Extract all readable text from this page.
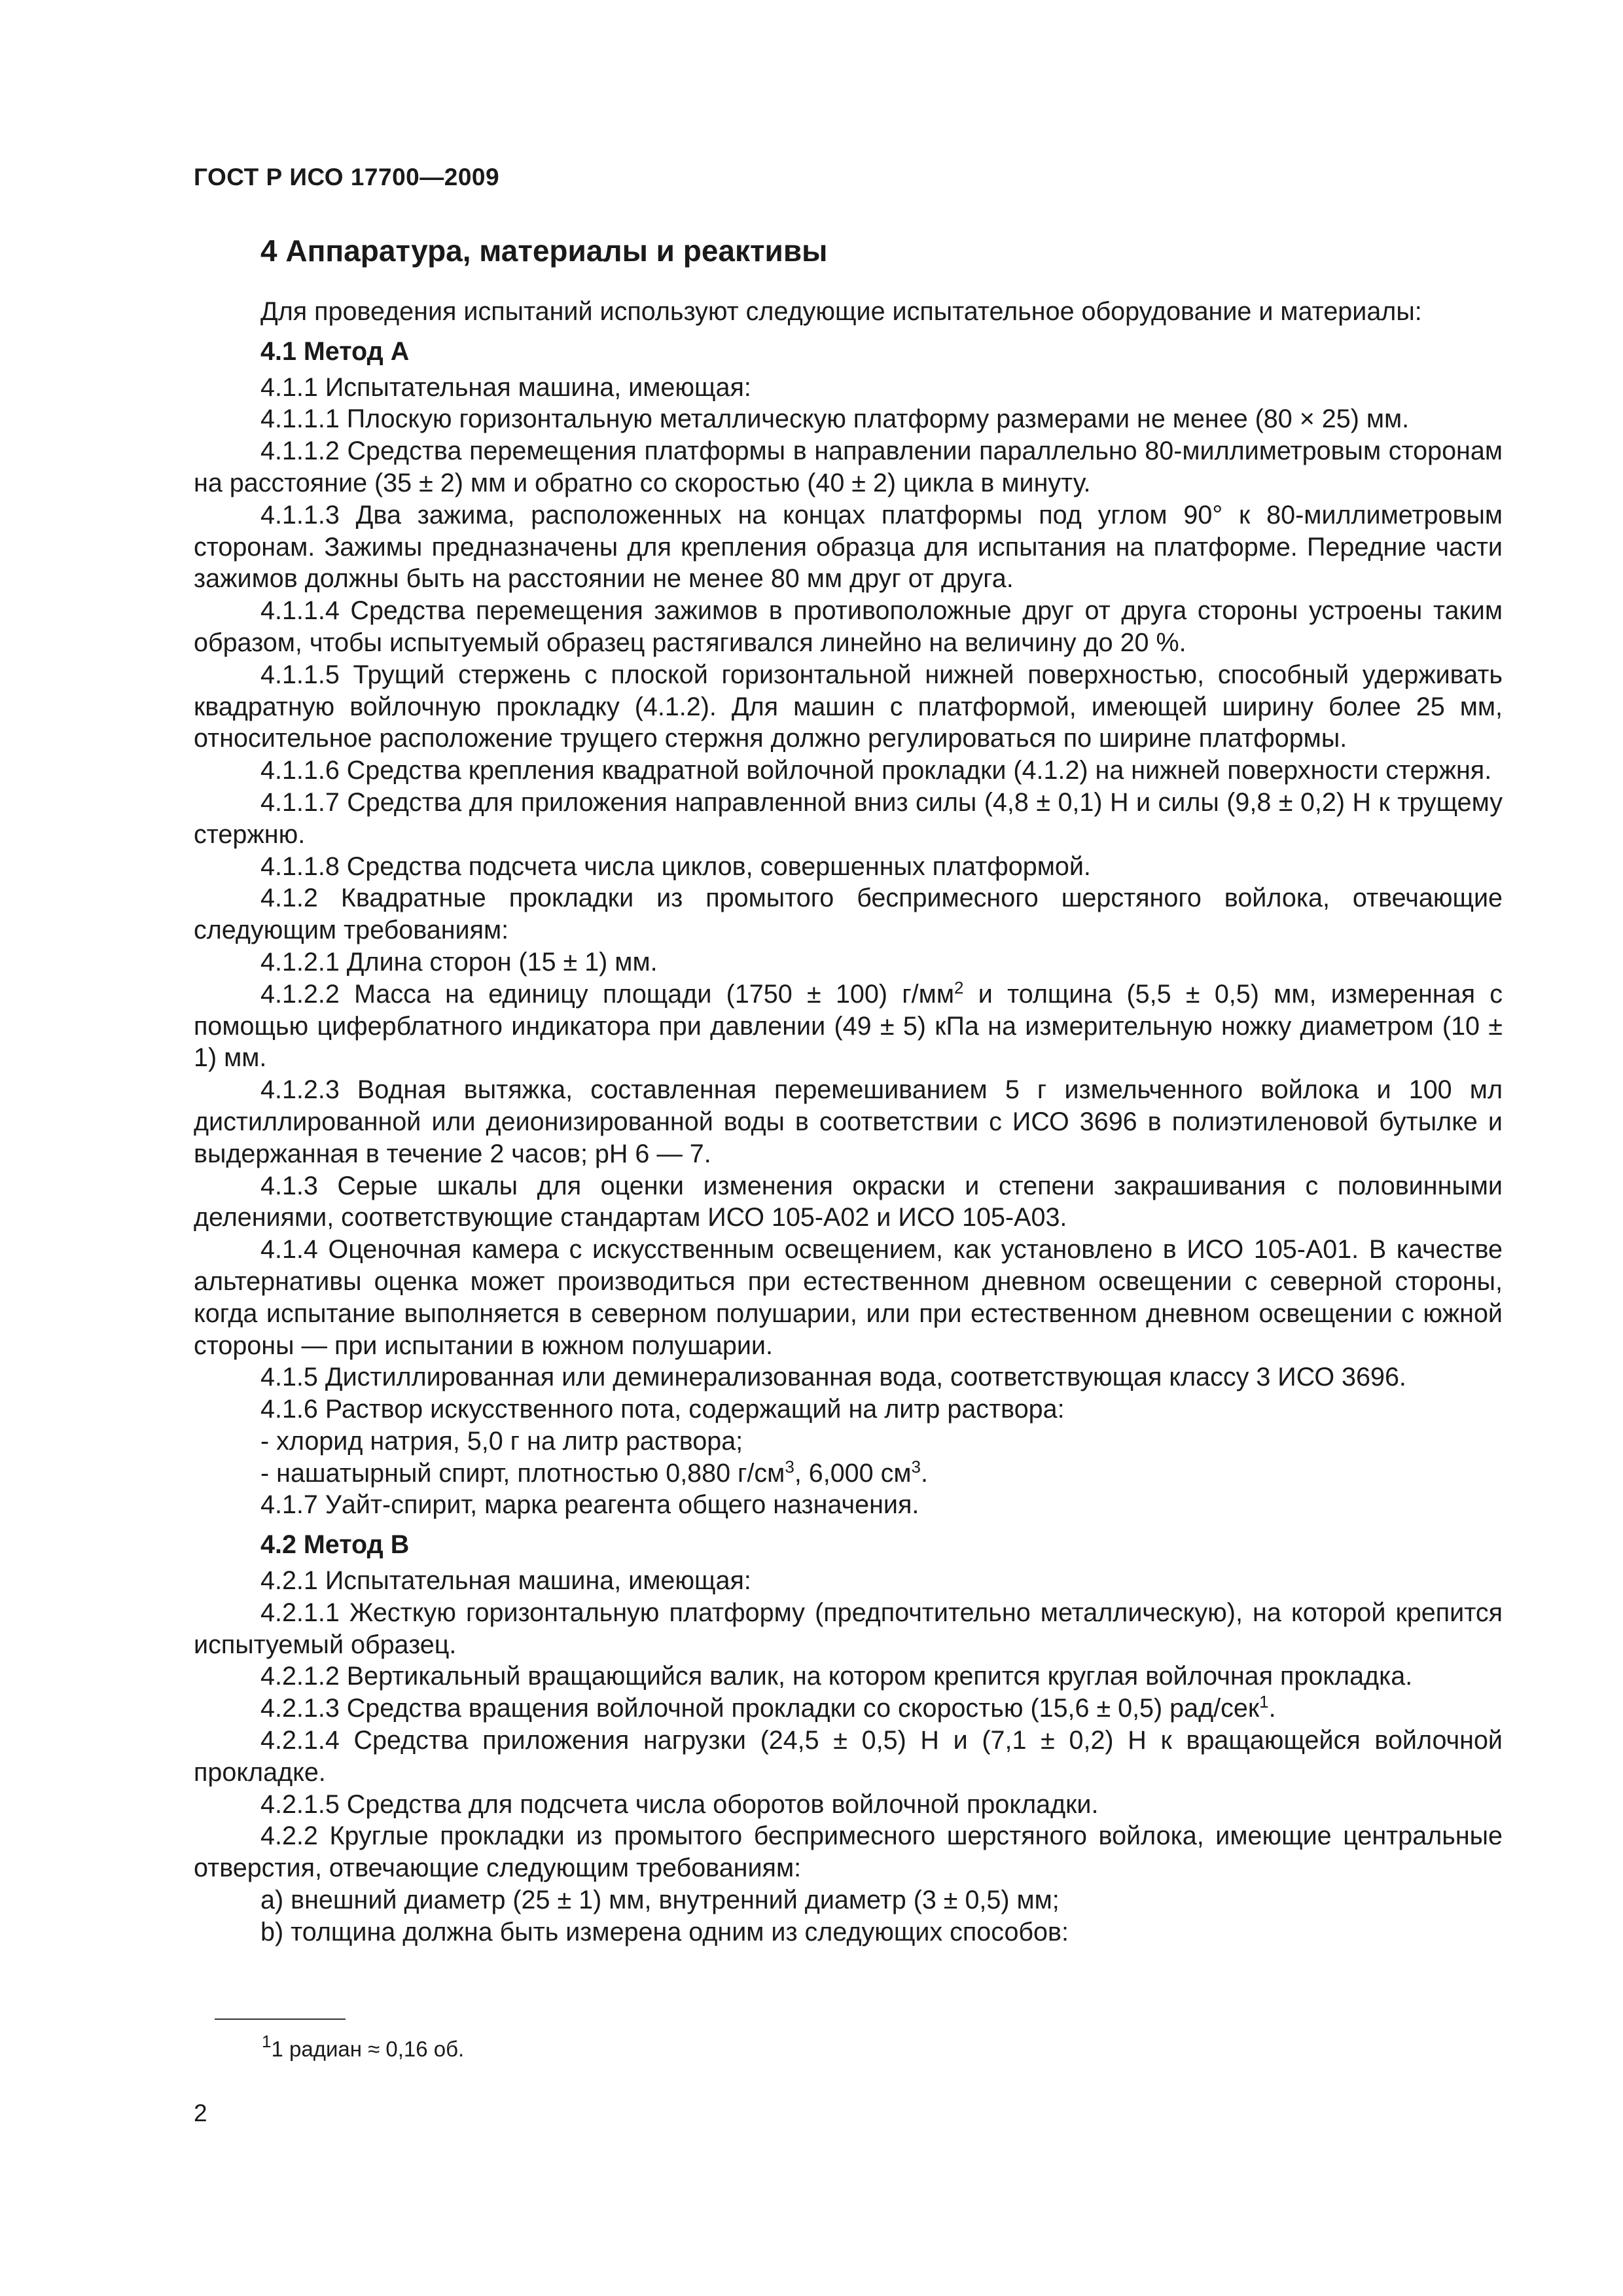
ГОСТ Р ИСО 17700—2009
4 Аппаратура, материалы и реактивы

Для проведения испытаний используют следующие испытательное оборудование и материалы:

4.1 Метод А

4.1.1 Испытательная машина, имеющая:

4.1.1.1 Плоскую горизонтальную металлическую платформу размерами не менее (80 × 25) мм.

4.1.1.2 Средства перемещения платформы в направлении параллельно 80-миллиметровым сторонам на расстояние (35 ± 2) мм и обратно со скоростью (40 ± 2) цикла в минуту.

4.1.1.3 Два зажима, расположенных на концах платформы под углом 90° к 80-миллиметровым сторонам. Зажимы предназначены для крепления образца для испытания на платформе. Передние части зажимов должны быть на расстоянии не менее 80 мм друг от друга.

4.1.1.4 Средства перемещения зажимов в противоположные друг от друга стороны устроены таким образом, чтобы испытуемый образец растягивался линейно на величину до 20 %.

4.1.1.5 Трущий стержень с плоской горизонтальной нижней поверхностью, способный удерживать квадратную войлочную прокладку (4.1.2). Для машин с платформой, имеющей ширину более 25 мм, относительное расположение трущего стержня должно регулироваться по ширине платформы.

4.1.1.6 Средства крепления квадратной войлочной прокладки (4.1.2) на нижней поверхности стержня.

4.1.1.7 Средства для приложения направленной вниз силы (4,8 ± 0,1) Н и силы (9,8 ± 0,2) Н к трущему стержню.

4.1.1.8 Средства подсчета числа циклов, совершенных платформой.

4.1.2 Квадратные прокладки из промытого беспримесного шерстяного войлока, отвечающие следующим требованиям:

4.1.2.1 Длина сторон (15 ± 1) мм.

4.1.2.2 Масса на единицу площади (1750 ± 100) $г/мм^2$ и толщина (5,5 ± 0,5) мм, измеренная с помощью циферблатного индикатора при давлении (49 ± 5) кПа на измерительную ножку диаметром (10 ± 1) мм.

4.1.2.3 Водная вытяжка, составленная перемешиванием 5 г измельченного войлока и 100 мл дистиллированной или деионизированной воды в соответствии с ИСО 3696 в полиэтиленовой бутылке и выдержанная в течение 2 часов; рН 6 — 7.

4.1.3 Серые шкалы для оценки изменения окраски и степени закрашивания с половинными делениями, соответствующие стандартам ИСО 105-А02 и ИСО 105-А03.

4.1.4 Оценочная камера с искусственным освещением, как установлено в ИСО 105-А01. В качестве альтернативы оценка может производиться при естественном дневном освещении с северной стороны, когда испытание выполняется в северном полушарии, или при естественном дневном освещении с южной стороны — при испытании в южном полушарии.

4.1.5 Дистиллированная или деминерализованная вода, соответствующая классу 3 ИСО 3696.

4.1.6 Раствор искусственного пота, содержащий на литр раствора:

- хлорид натрия, 5,0 г на литр раствора;

- нашатырный спирт, плотностью 0,880 $г/см^3$, 6,000 $см^3$.

4.1.7 Уайт-спирит, марка реагента общего назначения.

4.2 Метод В

4.2.1 Испытательная машина, имеющая:

4.2.1.1 Жесткую горизонтальную платформу (предпочтительно металлическую), на которой крепится испытуемый образец.

4.2.1.2 Вертикальный вращающийся валик, на котором крепится круглая войлочная прокладка.

4.2.1.3 Средства вращения войлочной прокладки со скоростью (15,6 ± 0,5) рад/сек$^1$.

4.2.1.4 Средства приложения нагрузки (24,5 ± 0,5) Н и (7,1 ± 0,2) Н к вращающейся войлочной прокладке.

4.2.1.5 Средства для подсчета числа оборотов войлочной прокладки.

4.2.2 Круглые прокладки из промытого беспримесного шерстяного войлока, имеющие центральные отверстия, отвечающие следующим требованиям:

a) внешний диаметр (25 ± 1) мм, внутренний диаметр (3 ± 0,5) мм;

b) толщина должна быть измерена одним из следующих способов:

$^1$1 радиан ≈ 0,16 об.
2
